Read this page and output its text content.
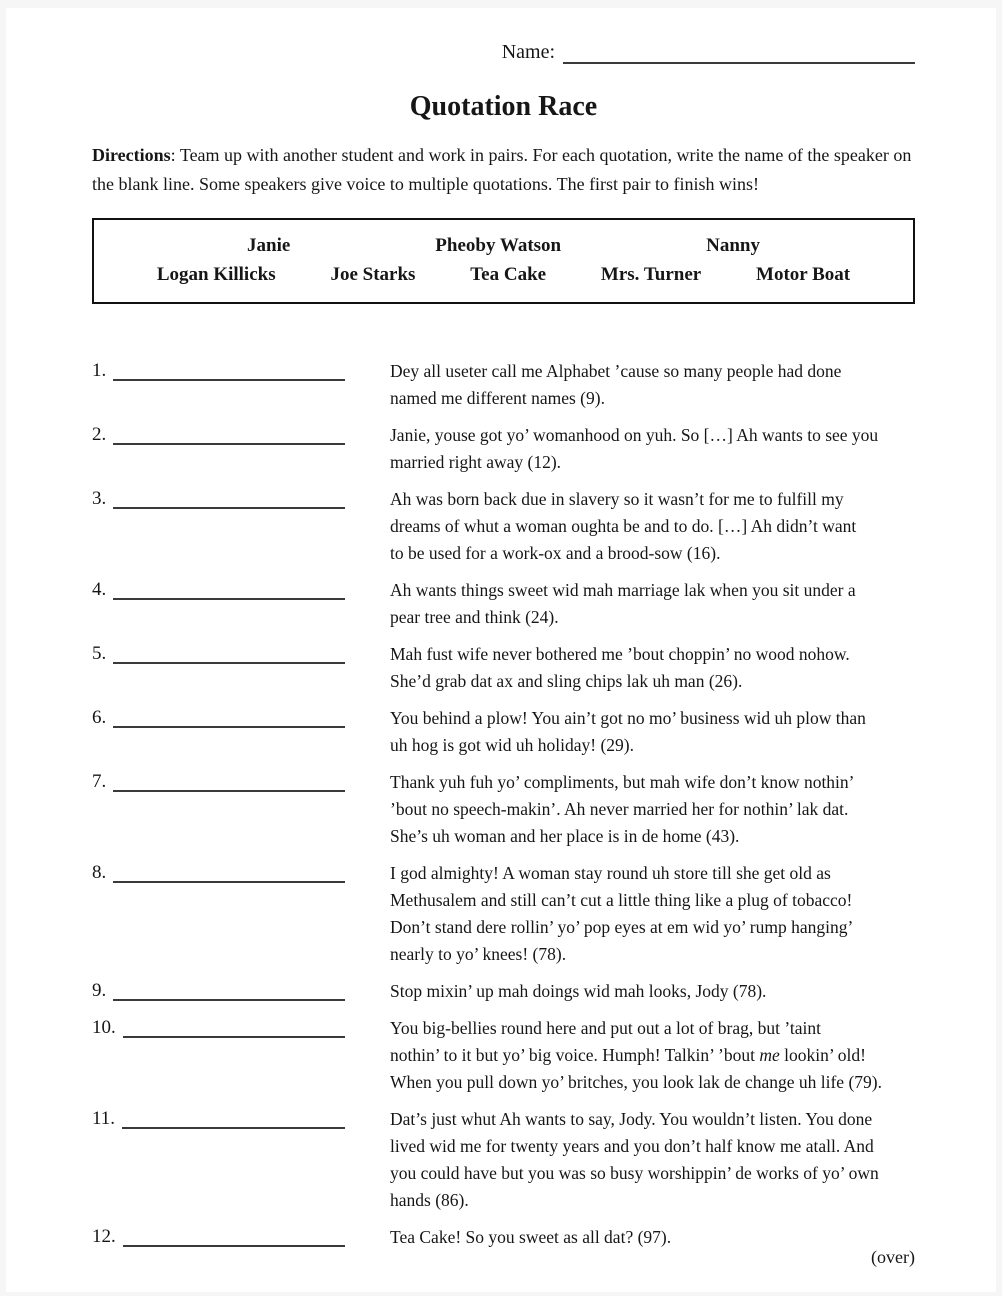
Name:
Quotation Race

Directions: Team up with another student and work in pairs. For each quotation, write the name of the speaker on the blank line. Some speakers give voice to multiple quotations. The first pair to finish wins!

Janie	Pheoby Watson	Nanny
Logan Killicks	Joe Starks	Tea Cake	Mrs. Turner	Motor Boat
1.	Dey all useter call me Alphabet ’cause so many people had done
named me different names (9).
2.	Janie, youse got yo’ womanhood on yuh. So […] Ah wants to see you
married right away (12).
3.	Ah was born back due in slavery so it wasn’t for me to fulfill my
dreams of whut a woman oughta be and to do. […] Ah didn’t want
to be used for a work-ox and a brood-sow (16).
4.	Ah wants things sweet wid mah marriage lak when you sit under a
pear tree and think (24).
5.	Mah fust wife never bothered me ’bout choppin’ no wood nohow.
She’d grab dat ax and sling chips lak uh man (26).
6.	You behind a plow! You ain’t got no mo’ business wid uh plow than
uh hog is got wid uh holiday! (29).
7.	Thank yuh fuh yo’ compliments, but mah wife don’t know nothin’
’bout no speech-makin’. Ah never married her for nothin’ lak dat.
She’s uh woman and her place is in de home (43).
8.	I god almighty! A woman stay round uh store till she get old as
Methusalem and still can’t cut a little thing like a plug of tobacco!
Don’t stand dere rollin’ yo’ pop eyes at em wid yo’ rump hanging’
nearly to yo’ knees! (78).
9.	Stop mixin’ up mah doings wid mah looks, Jody (78).
10.	You big-bellies round here and put out a lot of brag, but ’taint
nothin’ to it but yo’ big voice. Humph! Talkin’ ’bout me lookin’ old!
When you pull down yo’ britches, you look lak de change uh life (79).
11.	Dat’s just whut Ah wants to say, Jody. You wouldn’t listen. You done
lived wid me for twenty years and you don’t half know me atall. And
you could have but you was so busy worshippin’ de works of yo’ own
hands (86).
12.	Tea Cake! So you sweet as all dat? (97).
(over)
